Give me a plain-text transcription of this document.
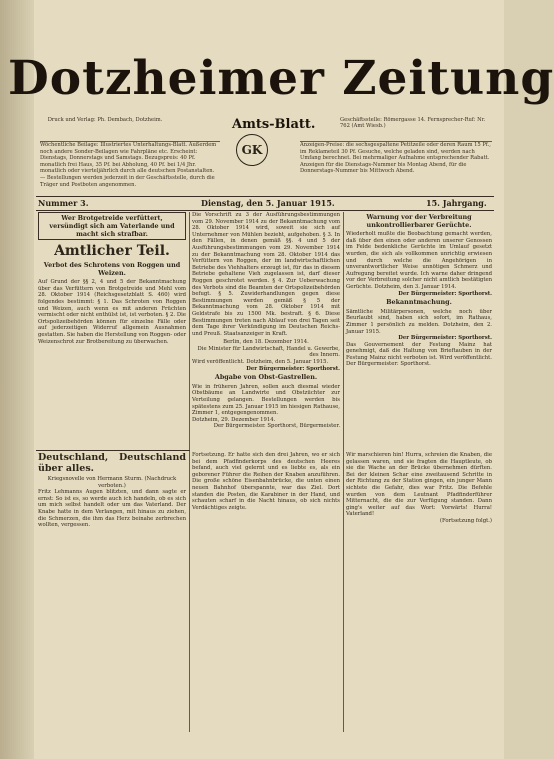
Dotzheimer Zeitung
Druck und Verlag: Ph. Dembach, Dotzheim.	Amts-Blatt.
GK
Geschäftsstelle: Römergasse 14. Fernsprecher-Ruf: Nr. 762 (Amt Wiesb.)
Wöchentliche Beilage: Illustriertes Unterhaltungs-Blatt. Außerdem noch andere Sonder-Beilagen wie Fahrpläne etc. Erscheint: Dienstags, Donnerstags und Samstags. Bezugspreis: 40 Pf. monatlich frei Haus, 35 Pf. bei Abholung, 40 Pf. bei 1/4 Jhr. monatlich oder vierteljährlich durch alle deutschen Postanstalten. — Bestellungen werden jederzeit in der Geschäftsstelle, durch die Träger und Postboten angenommen.
Anzeigen-Preise: die sechsgespaltene Petitzeile oder deren Raum 15 Pf., im Reklameteil 30 Pf. Gesuche, welche geladen sind, werden nach Umfang berechnet. Bei mehrmaliger Aufnahme entsprechender Rabatt. Anzeigen für die Dienstags-Nummer bis Montag Abend, für die Donnerstags-Nummer bis Mittwoch Abend.
Nummer 3.	Dienstag, den 5. Januar 1915.	15. Jahrgang.
Wer Brotgetreide verfüttert, versündigt sich am Vaterlande und macht sich strafbar.
Amtlicher Teil.
Verbot des Schrotens von Roggen und Weizen.
Auf Grund der §§ 2, 4 und 5 der Bekanntmachung über das Verfüttern von Brotgetreide und Mehl vom 28. Oktober 1914 (Reichsgesetzblatt S. 460) wird folgendes bestimmt: § 1. Das Schroten von Roggen und Weizen, auch wenn es mit anderen Früchten vermischt oder nicht enthülst ist, ist verboten. § 2. Die Ortspolizeibehörden können für einzelne Fälle oder auf jederzeitigen Widerruf allgemein Ausnahmen gestatten. Sie haben die Herstellung von Roggen- oder Weizenschrot zur Brotbereitung zu überwachen.
Die Vorschrift zu 3 der Ausführungsbestimmungen vom 29. November 1914 zu der Bekanntmachung vom 28. Oktober 1914 wird, soweit sie sich auf Unternehmer von Mühlen bezieht, aufgehoben. § 3. In den Fällen, in denen gemäß §§. 4 und 5 der Ausführungsbestimmungen vom 29. November 1914 zu der Bekanntmachung vom 28. Oktober 1914 das Verfüttern von Roggen, der im landwirtschaftlichen Betriebe des Viehhalters erzeugt ist, für das in diesem Betriebe gehaltene Vieh zugelassen ist, darf dieser Roggen geschrotet werden. § 4. Zur Ueberwachung des Verbots sind die Beamten der Ortspolizeibehörden befugt. § 5. Zuwiderhandlungen gegen diese Bestimmungen werden gemäß § 5 der Bekanntmachung vom 28. Oktober 1914 mit Geldstrafe bis zu 1500 Mk. bestraft. § 6. Diese Bestimmungen treten nach Ablauf von drei Tagen seit dem Tage ihrer Verkündigung im Deutschen Reichs- und Preuß. Staatsanzeiger in Kraft.
Berlin, den 18. Dezember 1914.
Die Minister für Landwirtschaft, Handel u. Gewerbe, des Innern.
Wird veröffentlicht. Dotzheim, den 5. Januar 1915.
Der Bürgermeister: Sporthorst.
Abgabe von Obst-Gastrellen.
Wie in früheren Jahren, sollen auch diesmal wieder Obstbäume an Landwirte und Obstzüchter zur Verteilung gelangen. Bestellungen werden bis spätestens zum 25. Januar 1915 im hiesigen Rathause, Zimmer 1, entgegengenommen.
Dotzheim, 29. Dezember 1914.
Der Bürgermeister. Sporthorst, Bürgermeister.
Warnung vor der Verbreitung unkontrollierbarer Gerüchte.
Wiederholt mußte die Beobachtung gemacht werden, daß über den einen oder anderen unserer Genossen im Felde bedenkliche Gerüchte im Umlauf gesetzt wurden, die sich als vollkommen unrichtig erwiesen und durch welche die Angehörigen in unverantwortlicher Weise unnötigen Schmerz und Aufregung bereitet wurde. Ich warne daher dringend vor der Verbreitung solcher nicht amtlich bestätigten Gerüchte. Dotzheim, den 3. Januar 1914.
Der Bürgermeister: Sporthorst.
Bekanntmachung.
Sämtliche Militärpersonen, welche noch über Beurlaubt sind, haben sich sofort, im Rathaus, Zimmer 1 persönlich zu melden. Dotzheim, den 2. Januar 1915.
Der Bürgermeister: Sporthorst.
Das Gouvernement der Festung Mainz hat genehmigt, daß die Haltung von Brieftauben in der Festung Mainz nicht verboten ist. Wird veröffentlicht. Der Bürgermeister: Sporthorst.
Deutschland, Deutschland über alles.
Kriegsnovelle von Hermann Sturm. (Nachdruck verboten.)
Fritz Lehmanns Augen blitzten, und dann sagte er ernst: So ist es, so werde auch ich handeln, ob es sich um mich selbst handelt oder um das Vaterland. Der Knabe hatte in dem Verlangen, mit hinaus zu ziehen, die Schmerzen, die ihm das Herz beinahe zerbrechen wollten, vergessen.
Fortsetzung. Er hatte sich den drei Jahren, wo er sich bei dem Pfadfinderkorps des deutschen Heeres befand, auch viel gelernt und es liebte es, als ein geborener Führer die Reihen der Knaben anzuführen. Die große schöne Eisenbahnbrücke, die unten einen neuen Bahnhof überspannte, war das Ziel. Dort standen die Posten, die Karabiner in der Hand, und schauten scharf in die Nacht hinaus, ob sich nichts Verdächtiges zeigte.
Wir marschieren hin! Hurra, schreien die Knaben, die gelassen waren, und sie fragten die Hauptleute, ob sie die Wache an der Brücke übernehmen dürften. Bei der kleinen Schar eine zweitausend Schritte in der Richtung zu der Station gingen, ein junger Mann sichtete die Gefahr, dies war Fritz. Die Befehle wurden von dem Leutnant Pfadfinderführer Mitternacht, die die zur Verfügung standen. Dann ging's weiter auf das Wort: Vorwärts! Hurra! Vaterland!
(Fortsetzung folgt.)
